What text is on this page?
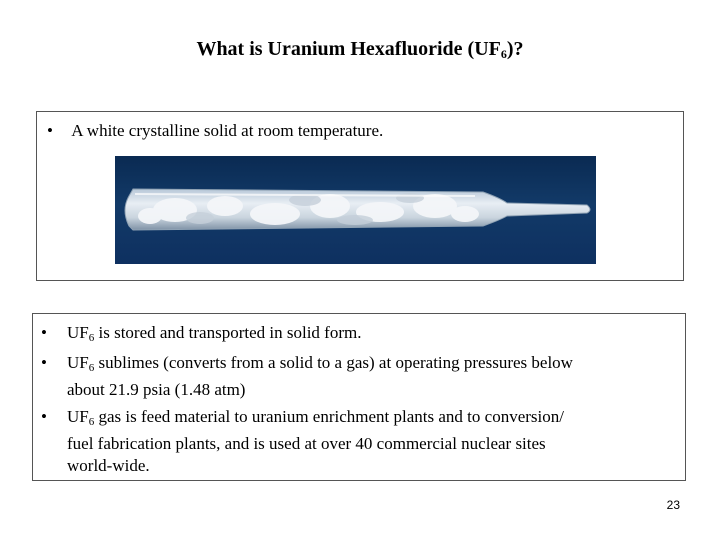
What is Uranium Hexafluoride $(UF_6)$?
• A white crystalline solid at room temperature.
• $UF_6$ is stored and transported in solid form.
• $UF_6$ sublimes (converts from a solid to a gas) at operating pressures below
about 21.9 psia (1.48 atm)
• $UF_6$ gas is feed material to uranium enrichment plants and to conversion/
fuel fabrication plants, and is used at over 40 commercial nuclear sites
world-wide.
23
